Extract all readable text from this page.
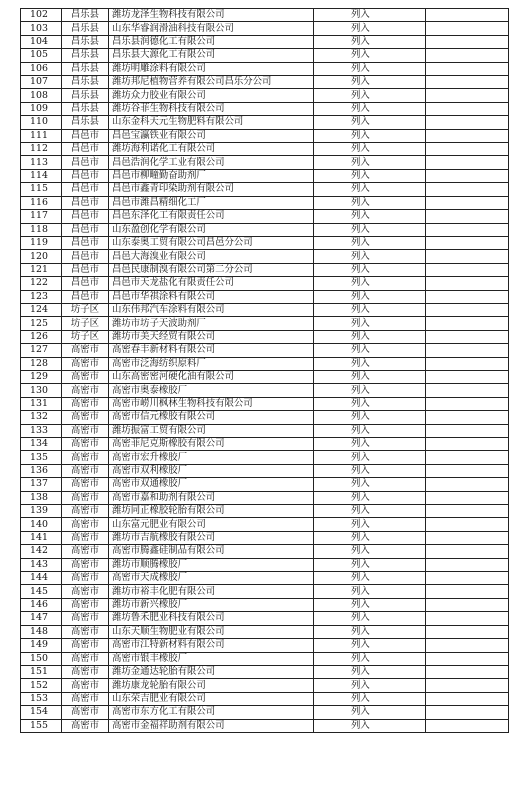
102	昌乐县	潍坊龙泽生物科技有限公司	列入	
103	昌乐县	山东华睿润滑油科技有限公司	列入	
104	昌乐县	昌乐县润德化工有限公司	列入	
105	昌乐县	昌乐县大源化工有限公司	列入	
106	昌乐县	潍坊明雕涂料有限公司	列入	
107	昌乐县	潍坊邦尼植物营养有限公司昌乐分公司	列入	
108	昌乐县	潍坊众力胶业有限公司	列入	
109	昌乐县	潍坊谷菲生物科技有限公司	列入	
110	昌乐县	山东金科天元生物肥料有限公司	列入	
111	昌邑市	昌邑宝瀛铁业有限公司	列入	
112	昌邑市	潍坊海利诺化工有限公司	列入	
113	昌邑市	昌邑浩润化学工业有限公司	列入	
114	昌邑市	昌邑市柳疃勤奋助剂厂	列入	
115	昌邑市	昌邑市鑫青印染助剂有限公司	列入	
116	昌邑市	昌邑市潍昌精细化工厂	列入	
117	昌邑市	昌邑东泽化工有限责任公司	列入	
118	昌邑市	山东盈创化学有限公司	列入	
119	昌邑市	山东泰奥工贸有限公司昌邑分公司	列入	
120	昌邑市	昌邑大海溴业有限公司	列入	
121	昌邑市	昌邑民康制溴有限公司第二分公司	列入	
122	昌邑市	昌邑市天龙盐化有限责任公司	列入	
123	昌邑市	昌邑市华祺涂料有限公司	列入	
124	坊子区	山东伟邦汽车涂料有限公司	列入	
125	坊子区	潍坊市坊子天波助剂厂	列入	
126	坊子区	潍坊市美天经贸有限公司	列入	
127	高密市	高密春丰新材料有限公司	列入	
128	高密市	高密市泛海纺织原料厂	列入	
129	高密市	山东高密密河硬化油有限公司	列入	
130	高密市	高密市奥泰橡胶厂	列入	
131	高密市	高密市崂川枫林生物科技有限公司	列入	
132	高密市	高密市信元橡胶有限公司	列入	
133	高密市	潍坊振富工贸有限公司	列入	
134	高密市	高密菲尼克斯橡胶有限公司	列入	
135	高密市	高密市宏升橡胶厂	列入	
136	高密市	高密市双利橡胶厂	列入	
137	高密市	高密市双通橡胶厂	列入	
138	高密市	高密市嘉和助剂有限公司	列入	
139	高密市	潍坊同正橡胶轮胎有限公司	列入	
140	高密市	山东富元肥业有限公司	列入	
141	高密市	潍坊市吉航橡胶有限公司	列入	
142	高密市	高密市腾鑫硅制品有限公司	列入	
143	高密市	潍坊市顺腾橡胶厂	列入	
144	高密市	高密市天成橡胶厂	列入	
145	高密市	潍坊市裕丰化肥有限公司	列入	
146	高密市	潍坊市新兴橡胶厂	列入	
147	高密市	潍坊鲁禾肥业科技有限公司	列入	
148	高密市	山东天顺生物肥业有限公司	列入	
149	高密市	高密市江特新材料有限公司	列入	
150	高密市	高密市银丰橡胶厂	列入	
151	高密市	潍坊金通达轮胎有限公司	列入	
152	高密市	潍坊康龙轮胎有限公司	列入	
153	高密市	山东荣吉肥业有限公司	列入	
154	高密市	高密市东方化工有限公司	列入	
155	高密市	高密市金福祥助剂有限公司	列入	
